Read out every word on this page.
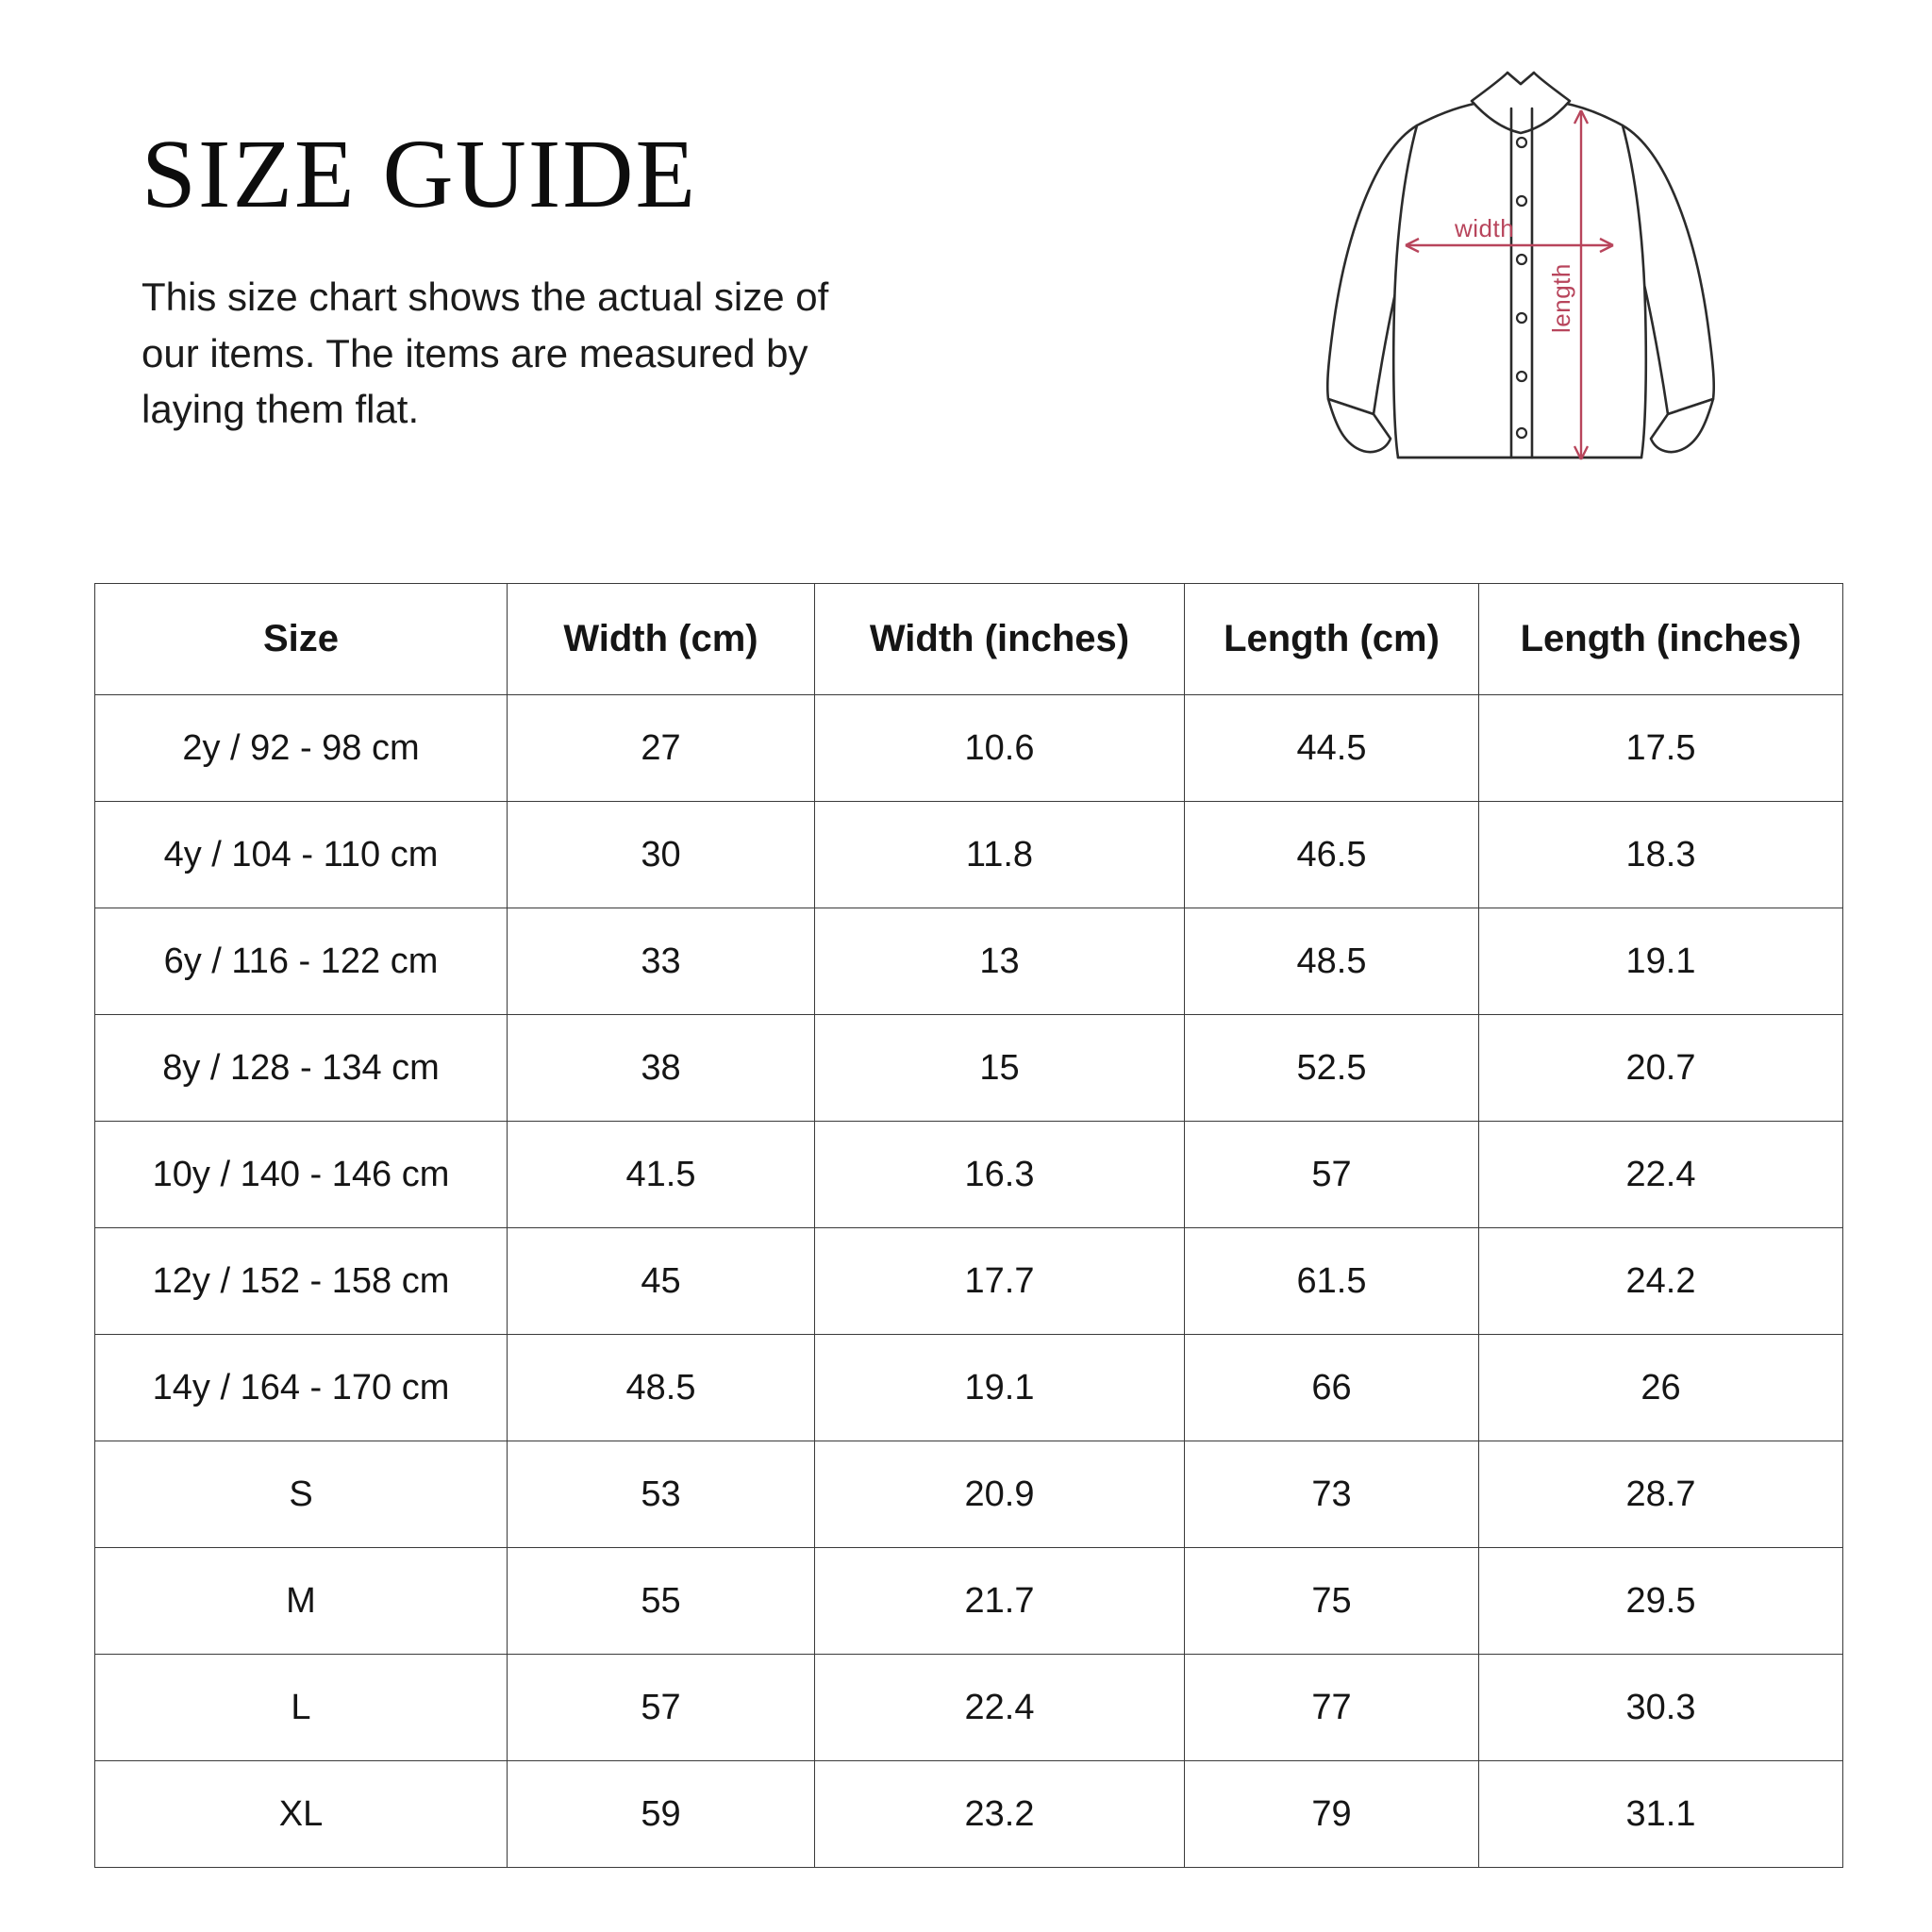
SIZE GUIDE

This size chart shows the actual size of our items. The items are measured by laying them flat.

width
length
Size	Width (cm)	Width (inches)	Length (cm)	Length (inches)
2y / 92 - 98 cm	27	10.6	44.5	17.5
4y / 104 - 110 cm	30	11.8	46.5	18.3
6y / 116 - 122 cm	33	13	48.5	19.1
8y / 128 - 134 cm	38	15	52.5	20.7
10y / 140 - 146 cm	41.5	16.3	57	22.4
12y / 152 - 158 cm	45	17.7	61.5	24.2
14y / 164 - 170 cm	48.5	19.1	66	26
S	53	20.9	73	28.7
M	55	21.7	75	29.5
L	57	22.4	77	30.3
XL	59	23.2	79	31.1
